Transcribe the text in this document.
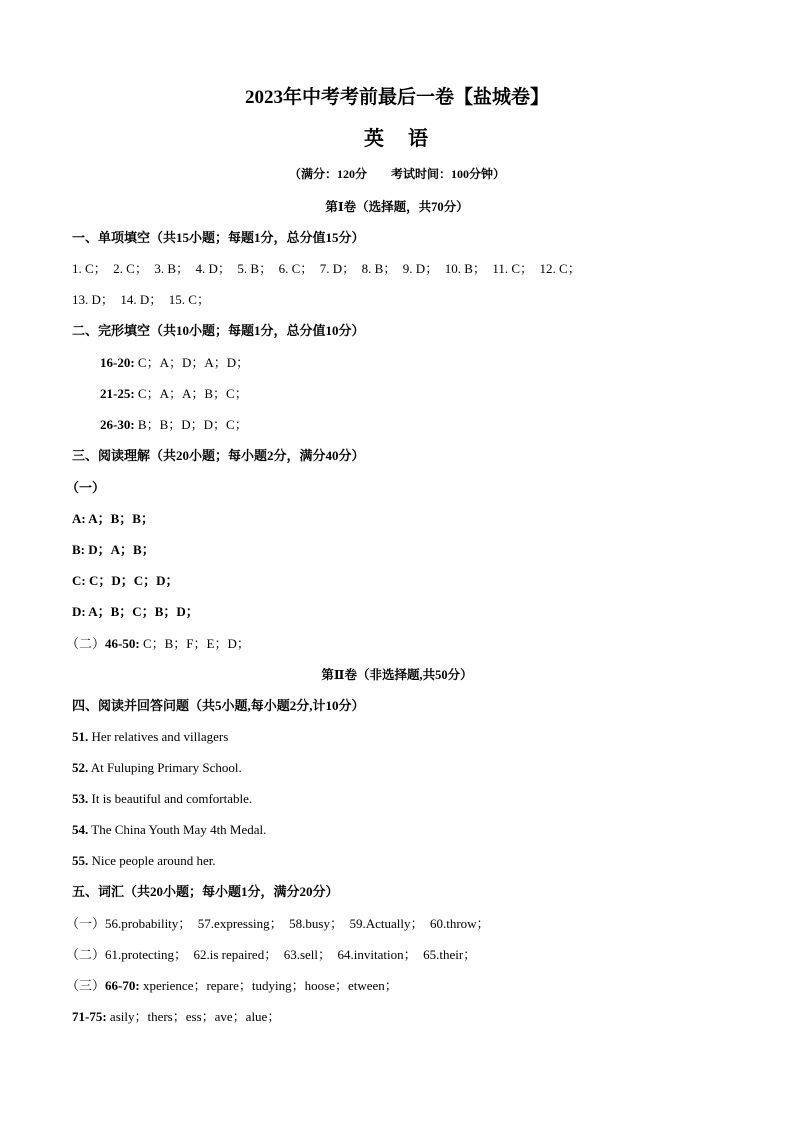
2023年中考考前最后一卷【盐城卷】
英　语
（满分：120分　　考试时间：100分钟）
第Ⅰ卷（选择题，共70分）
一、单项填空（共15小题；每题1分，总分值15分）
1. C；  2. C；  3. B；  4. D；  5. B；  6. C；  7. D；  8. B；  9. D；  10. B；  11. C；  12. C；
13. D；  14. D；  15. C；
二、完形填空（共10小题；每题1分，总分值10分）
16-20: C；A；D；A；D；
21-25: C；A；A；B；C；
26-30: B；B；D；D；C；
三、阅读理解（共20小题；每小题2分，满分40分）
（一）
A: A；B；B；
B: D；A；B；
C: C；D；C；D；
D: A；B；C；B；D；
（二）46-50: C；B；F；E；D；
第Ⅱ卷（非选择题,共50分）
四、阅读并回答问题（共5小题,每小题2分,计10分）
51. Her relatives and villagers
52. At Fuluping Primary School.
53. It is beautiful and comfortable.
54. The China Youth May 4th Medal.
55. Nice people around her.
五、词汇（共20小题；每小题1分，满分20分）
（一）56.probability；  57.expressing；  58.busy；  59.Actually；  60.throw；
（二）61.protecting；  62.is repaired；  63.sell；  64.invitation；  65.their；
（三）66-70: xperience；repare；tudying；hoose；etween；
71-75: asily；thers；ess；ave；alue；
